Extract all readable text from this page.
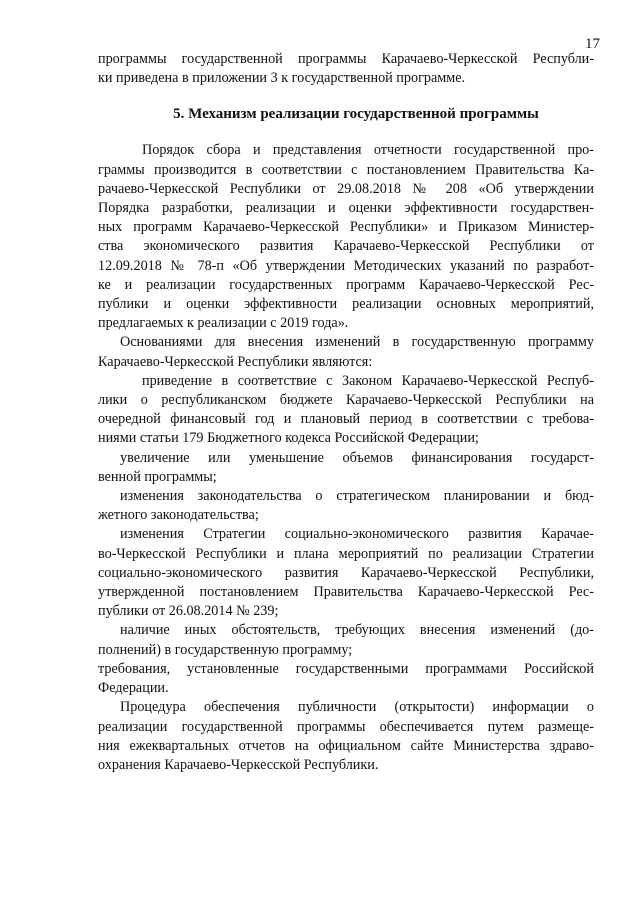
17
программы государственной программы Карачаево-Черкесской Республи-
ки приведена в приложении 3 к государственной программе.
5. Механизм реализации государственной программы
Порядок сбора и представления отчетности государственной про-
граммы производится в соответствии с постановлением Правительства Ка-
рачаево-Черкесской Республики от 29.08.2018 № 208 «Об утверждении
Порядка разработки, реализации и оценки эффективности государствен-
ных программ Карачаево-Черкесской Республики» и Приказом Министер-
ства экономического развития Карачаево-Черкесской Республики от
12.09.2018 № 78-п «Об утверждении Методических указаний по разработ-
ке и реализации государственных программ Карачаево-Черкесской Рес-
публики и оценки эффективности реализации основных мероприятий,
предлагаемых к реализации с 2019 года».
Основаниями для внесения изменений в государственную программу
Карачаево-Черкесской Республики являются:
приведение в соответствие с Законом Карачаево-Черкесской Респуб-
лики о республиканском бюджете Карачаево-Черкесской Республики на
очередной финансовый год и плановый период в соответствии с требова-
ниями статьи 179 Бюджетного кодекса Российской Федерации;
увеличение или уменьшение объемов финансирования государст-
венной программы;
изменения законодательства о стратегическом планировании и бюд-
жетного законодательства;
изменения Стратегии социально-экономического развития Карачае-
во-Черкесской Республики и плана мероприятий по реализации Стратегии
социально-экономического развития Карачаево-Черкесской Республики,
утвержденной постановлением Правительства Карачаево-Черкесской Рес-
публики от 26.08.2014 № 239;
наличие иных обстоятельств, требующих внесения изменений (до-
полнений) в государственную программу;
требования, установленные государственными программами Российской
Федерации.
Процедура обеспечения публичности (открытости) информации о
реализации государственной программы обеспечивается путем размеще-
ния ежеквартальных отчетов на официальном сайте Министерства здраво-
охранения Карачаево-Черкесской Республики.
